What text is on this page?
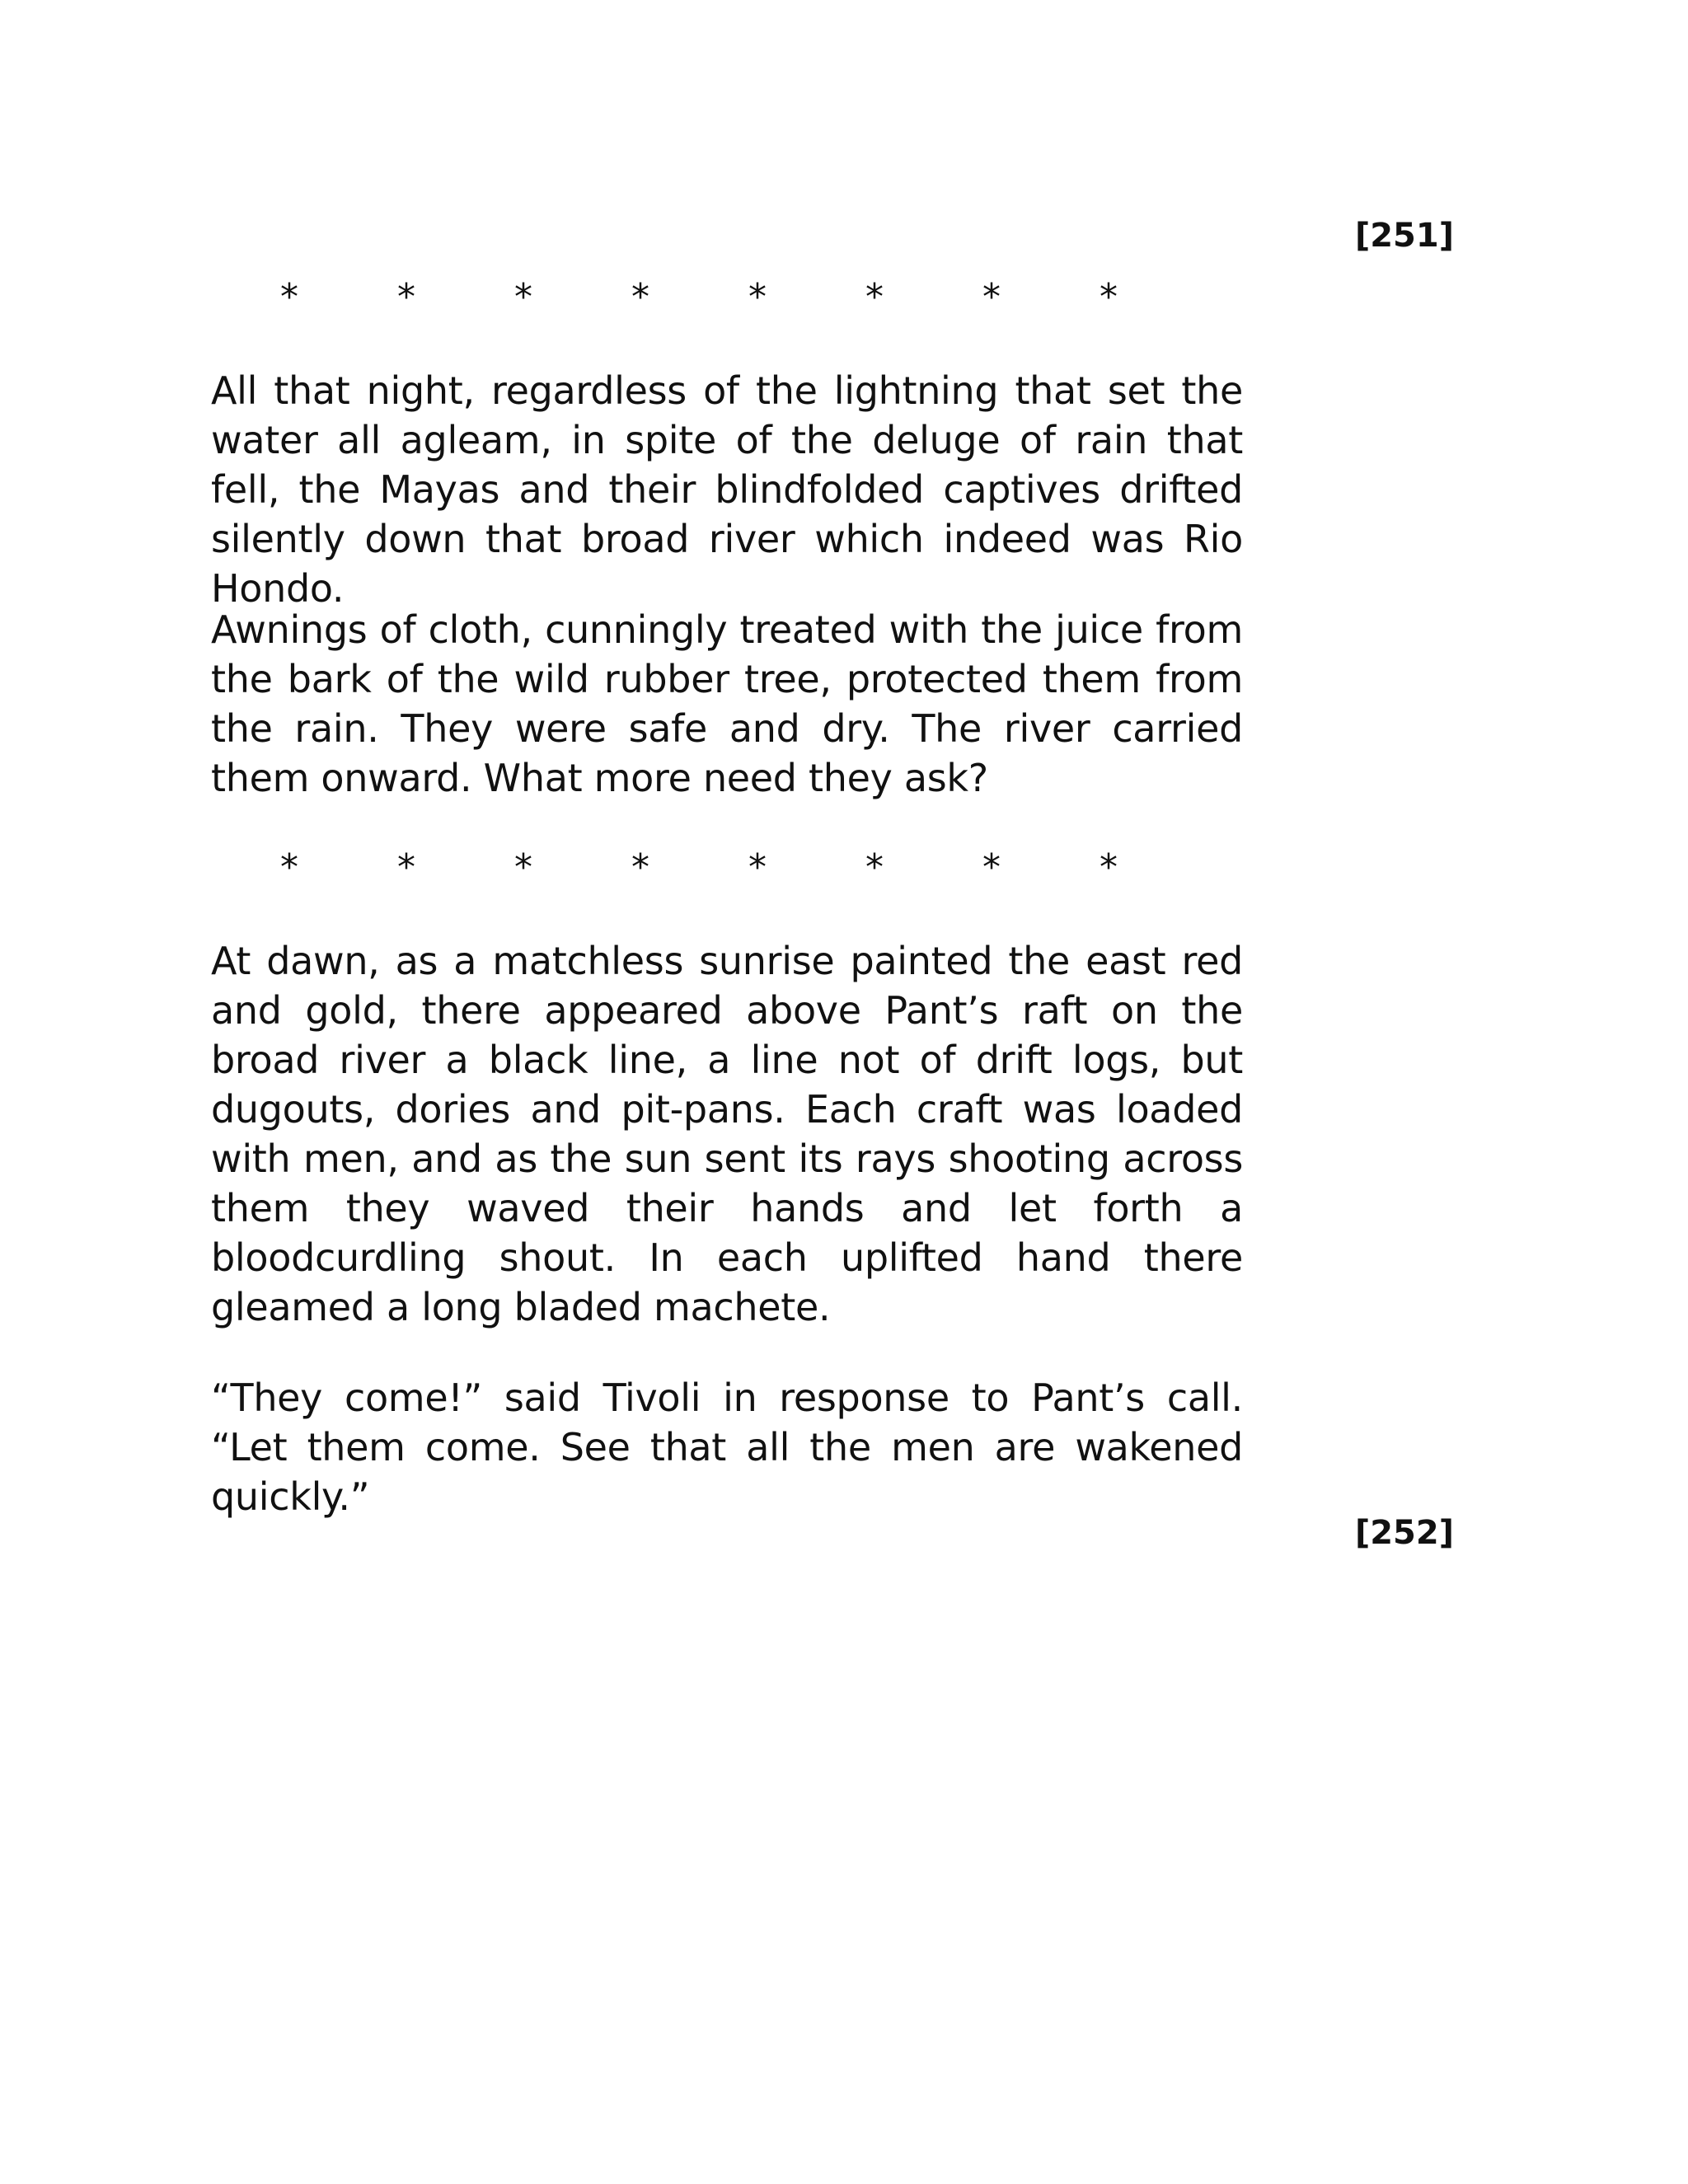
[251]
*	*	*	*	*	*	*	*

All that night, regardless of the lightning that set the water all agleam, in spite of the deluge of rain that fell, the Mayas and their blindfolded captives drifted silently down that broad river which indeed was Rio Hondo.

Awnings of cloth, cunningly treated with the juice from the bark of the wild rubber tree, protected them from the rain. They were safe and dry. The river carried them onward. What more need they ask?

*	*	*	*	*	*	*	*

At dawn, as a matchless sunrise painted the east red and gold, there appeared above Pant’s raft on the broad river a black line, a line not of drift logs, but dugouts, dories and pit-pans. Each craft was loaded with men, and as the sun sent its rays shooting across them they waved their hands and let forth a bloodcurdling shout. In each uplifted hand there gleamed a long bladed machete.

“They come!” said Tivoli in response to Pant’s call. “Let them come. See that all the men are wakened quickly.”

[252]
